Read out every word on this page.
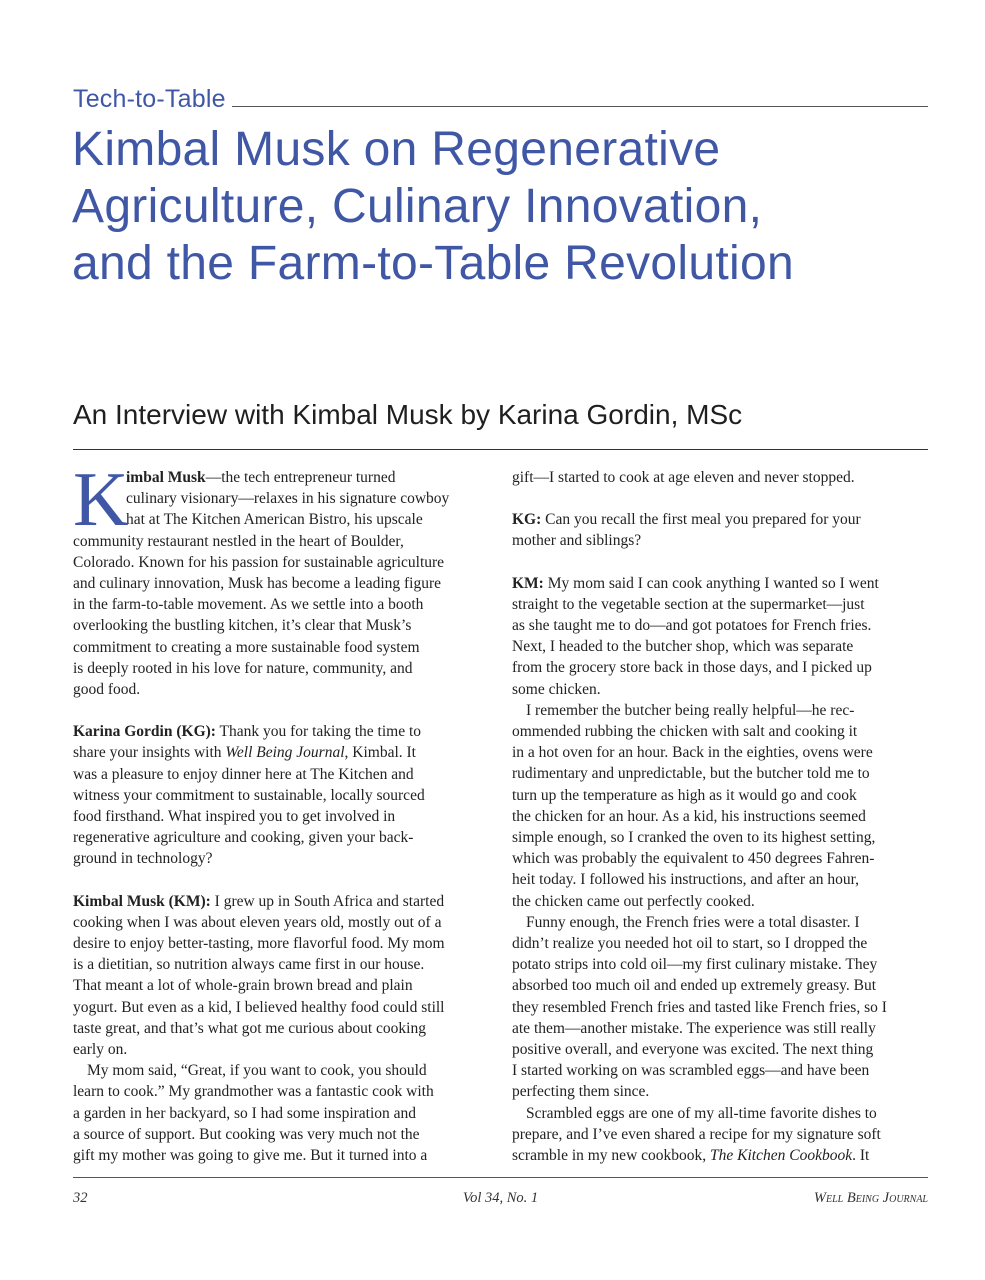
Tech-to-Table
Kimbal Musk on Regenerative
Agriculture, Culinary Innovation,
and the Farm-to-Table Revolution
An Interview with Kimbal Musk by Karina Gordin, MSc
K

imbal Musk—the tech entrepreneur turned
culinary visionary—relaxes in his signature cowboy
hat at The Kitchen American Bistro, his upscale
community restaurant nestled in the heart of Boulder,
Colorado. Known for his passion for sustainable agriculture
and culinary innovation, Musk has become a leading figure
in the farm-to-table movement. As we settle into a booth
overlooking the bustling kitchen, it’s clear that Musk’s
commitment to creating a more sustainable food system
is deeply rooted in his love for nature, community, and
good food.

Karina Gordin (KG): Thank you for taking the time to
share your insights with Well Being Journal, Kimbal. It
was a pleasure to enjoy dinner here at The Kitchen and
witness your commitment to sustainable, locally sourced
food firsthand. What inspired you to get involved in
regenerative agriculture and cooking, given your back-
ground in technology?

Kimbal Musk (KM): I grew up in South Africa and started
cooking when I was about eleven years old, mostly out of a
desire to enjoy better-tasting, more flavorful food. My mom
is a dietitian, so nutrition always came first in our house.
That meant a lot of whole-grain brown bread and plain
yogurt. But even as a kid, I believed healthy food could still
taste great, and that’s what got me curious about cooking
early on.

My mom said, “Great, if you want to cook, you should
learn to cook.” My grandmother was a fantastic cook with
a garden in her backyard, so I had some inspiration and
a source of support. But cooking was very much not the
gift my mother was going to give me. But it turned into a

gift—I started to cook at age eleven and never stopped.

KG: Can you recall the first meal you prepared for your
mother and siblings?

KM: My mom said I can cook anything I wanted so I went
straight to the vegetable section at the supermarket—just
as she taught me to do—and got potatoes for French fries.
Next, I headed to the butcher shop, which was separate
from the grocery store back in those days, and I picked up
some chicken.

I remember the butcher being really helpful—he rec-
ommended rubbing the chicken with salt and cooking it
in a hot oven for an hour. Back in the eighties, ovens were
rudimentary and unpredictable, but the butcher told me to
turn up the temperature as high as it would go and cook
the chicken for an hour. As a kid, his instructions seemed
simple enough, so I cranked the oven to its highest setting,
which was probably the equivalent to 450 degrees Fahren-
heit today. I followed his instructions, and after an hour,
the chicken came out perfectly cooked.

Funny enough, the French fries were a total disaster. I
didn’t realize you needed hot oil to start, so I dropped the
potato strips into cold oil—my first culinary mistake. They
absorbed too much oil and ended up extremely greasy. But
they resembled French fries and tasted like French fries, so I
ate them—another mistake. The experience was still really
positive overall, and everyone was excited. The next thing
I started working on was scrambled eggs—and have been
perfecting them since.

Scrambled eggs are one of my all-time favorite dishes to
prepare, and I’ve even shared a recipe for my signature soft
scramble in my new cookbook, The Kitchen Cookbook. It

32	Vol 34, No. 1	Well Being Journal
